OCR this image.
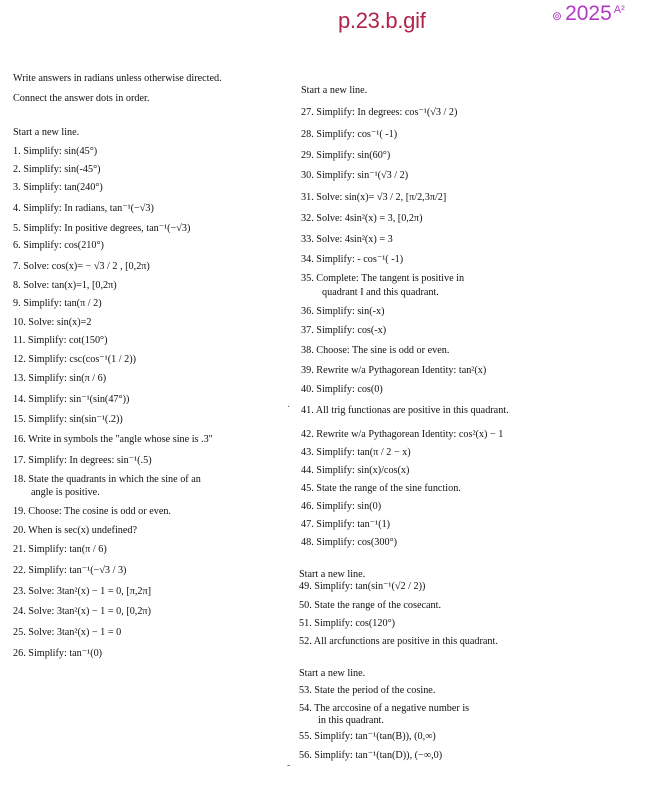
p.23.b.gif	⊚ 2025 A²
Write answers in radians unless otherwise directed.
Connect the answer dots in order.
Start a new line.
1. Simplify: sin(45°)
2. Simplify: sin(-45°)
3. Simplify: tan(240°)
4. Simplify: In radians, tan⁻¹(−√3)
5. Simplify: In positive degrees, tan⁻¹(−√3)
6. Simplify: cos(210°)
7. Solve: cos(x)= − √3 / 2 , [0,2π)
8. Solve: tan(x)=1, [0,2π)
9. Simplify: tan(π / 2)
10. Solve: sin(x)=2
11. Simplify: cot(150°)
12. Simplify: csc(cos⁻¹(1 / 2))
13. Simplify: sin(π / 6)
14. Simplify: sin⁻¹(sin(47°))
15. Simplify: sin(sin⁻¹(.2))
16. Write in symbols the "angle whose sine is .3"
17. Simplify: In degrees: sin⁻¹(.5)
18. State the quadrants in which the sine of an
angle is positive.
19. Choose: The cosine is odd or even.
20. When is sec(x) undefined?
21. Simplify: tan(π / 6)
22. Simplify: tan⁻¹(−√3 / 3)
23. Solve: 3tan²(x) − 1 = 0, [π,2π]
24. Solve: 3tan²(x) − 1 = 0, [0,2π)
25. Solve: 3tan²(x) − 1 = 0
26. Simplify: tan⁻¹(0)
Start a new line.
27. Simplify: In degrees: cos⁻¹(√3 / 2)
28. Simplify: cos⁻¹( -1)
29. Simplify: sin(60°)
30. Simplify: sin⁻¹(√3 / 2)
31. Solve: sin(x)= √3 / 2, [π/2,3π/2]
32. Solve: 4sin²(x) = 3, [0,2π)
33. Solve: 4sin²(x) = 3
34. Simplify: - cos⁻¹( -1)
35. Complete: The tangent is positive in
quadrant I and this quadrant.
36. Simplify: sin(-x)
37. Simplify: cos(-x)
38. Choose: The sine is odd or even.
39. Rewrite w/a Pythagorean Identity: tan²(x)
40. Simplify: cos(0)
41. All trig functionas are positive in this quadrant.
42. Rewrite w/a Pythagorean Identity: cos²(x) − 1
43. Simplify: tan(π / 2 − x)
44. Simplify: sin(x)/cos(x)
45. State the range of the sine function.
46. Simplify: sin(0)
47. Simplify: tan⁻¹(1)
48. Simplify: cos(300°)
Start a new line.
49. Simplify: tan(sin⁻¹(√2 / 2))
50. State the range of the cosecant.
51. Simplify: cos(120°)
52. All arcfunctions are positive in this quadrant.
Start a new line.
53. State the period of the cosine.
54. The arccosine of a negative number is
in this quadrant.
55. Simplify: tan⁻¹(tan(B)), (0,∞)
56. Simplify: tan⁻¹(tan(D)), (−∞,0)
·
-
